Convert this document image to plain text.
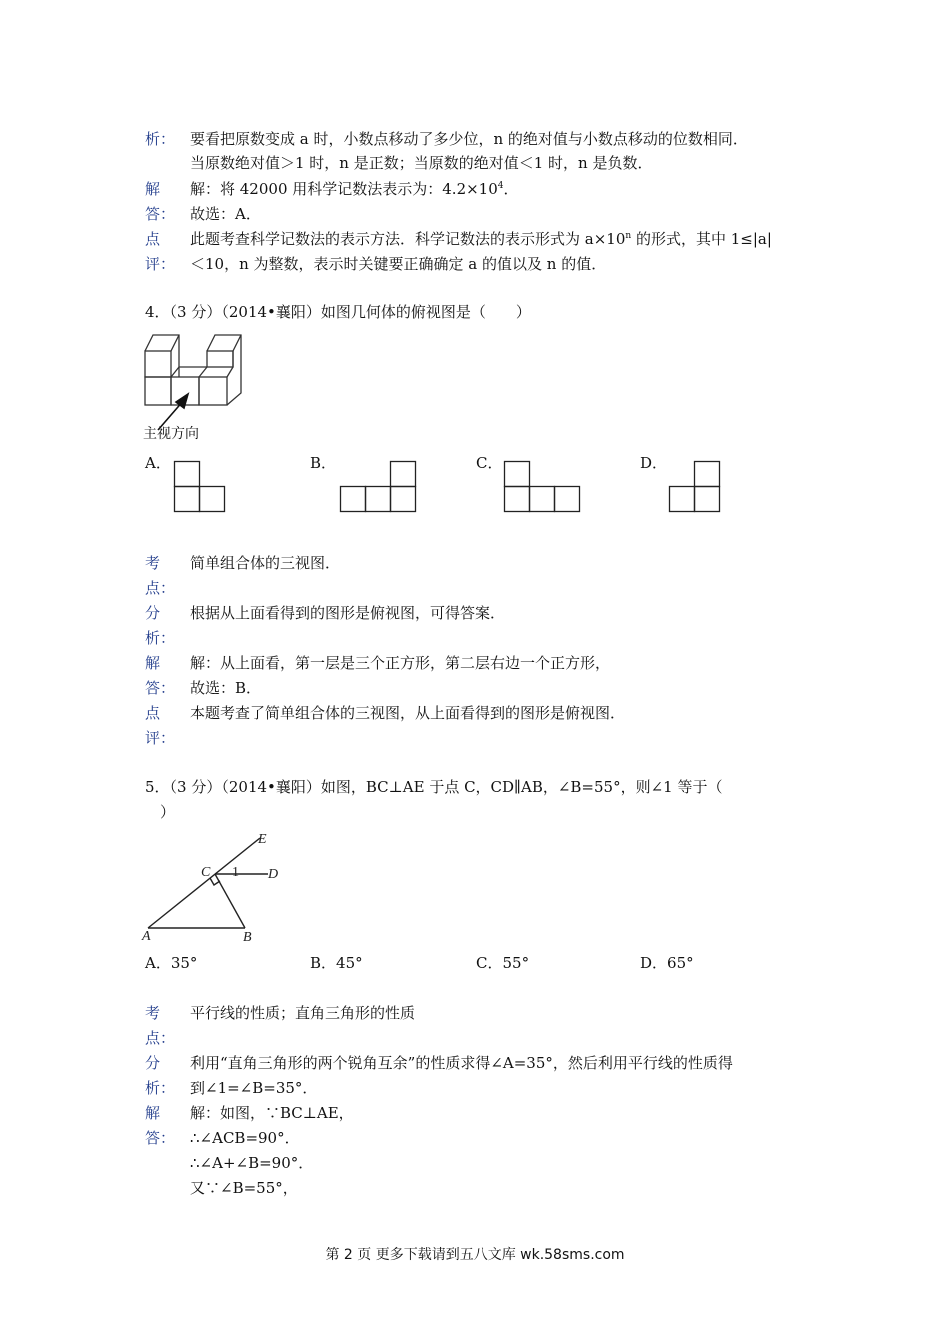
析： 要看把原数变成 a 时，小数点移动了多少位，n 的绝对值与小数点移动的位数相同．
当原数绝对值＞1 时，n 是正数；当原数的绝对值＜1 时，n 是负数．
解 解：将 42000 用科学记数法表示为：$4.2\times 10^4$．
答： 故选：A．
点 此题考查科学记数法的表示方法．科学记数法的表示形式为 $a\times 10^n$ 的形式，其中 1≤|a|
评： ＜10，n 为整数，表示时关键要正确确定 a 的值以及 n 的值．
4．（3 分）（2014•襄阳）如图几何体的俯视图是（　　）
主视方向
A．	B．	C．	D．
考 简单组合体的三视图．
点：
分 根据从上面看得到的图形是俯视图，可得答案．
析：
解 解：从上面看，第一层是三个正方形，第二层右边一个正方形，
答： 故选：B．
点 本题考查了简单组合体的三视图，从上面看得到的图形是俯视图．
评：
5．（3 分）（2014•襄阳）如图，BC⊥AE 于点 C，CD∥AB，∠B=55°，则∠1 等于（
）
A	B
C	D
E
1
A．35°	B．45°	C．55°	D．65°
考 平行线的性质；直角三角形的性质
点：
分 利用“直角三角形的两个锐角互余”的性质求得∠A=35°，然后利用平行线的性质得
析： 到∠1=∠B=35°．
解 解：如图，∵BC⊥AE，
答： ∴∠ACB=90°．
∴∠A+∠B=90°．
又∵∠B=55°，
第 2 页 更多下载请到五八文库 wk.58sms.com
